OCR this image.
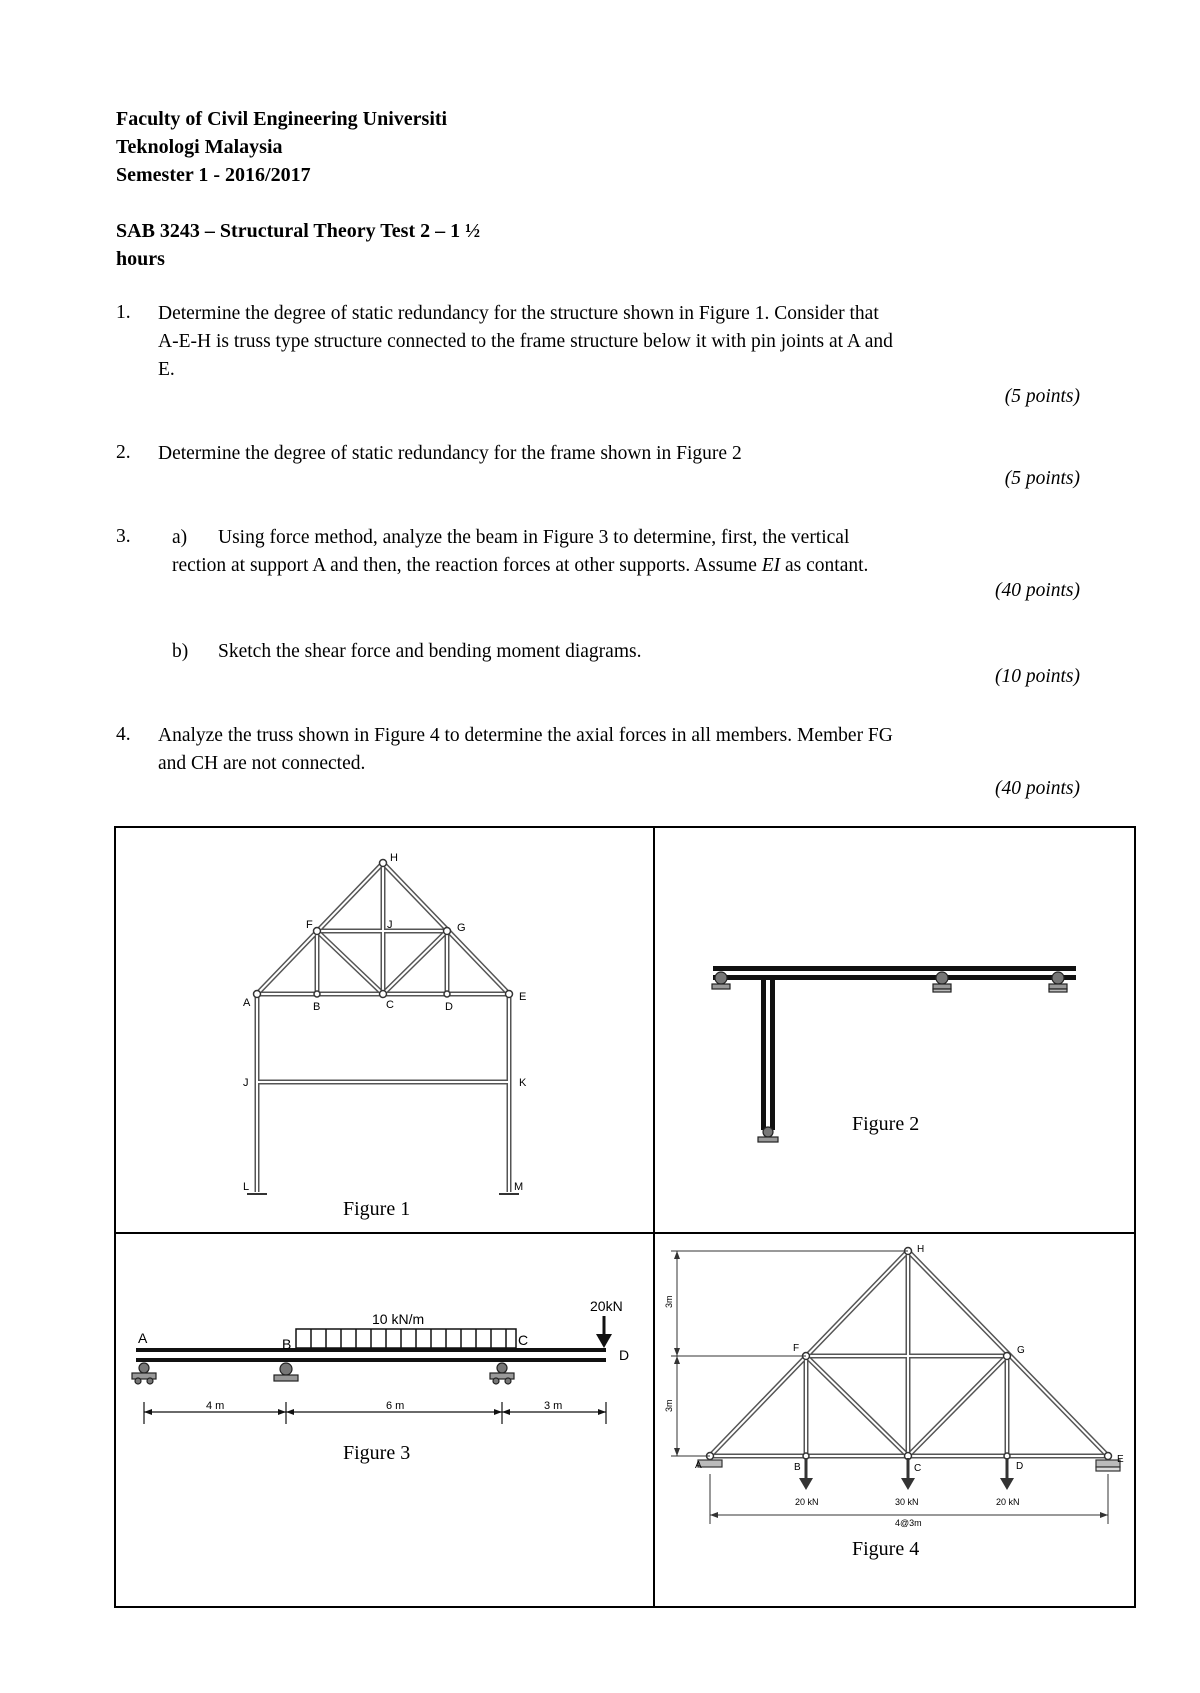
Faculty of Civil Engineering Universiti
Teknologi Malaysia
Semester 1 - 2016/2017
SAB 3243 – Structural Theory Test 2 – 1 ½
hours
1. Determine the degree of static redundancy for the structure shown in Figure 1. Consider that
A-E-H is truss type structure connected to the frame structure below it with pin joints at A and
E.
(5 points)
2. Determine the degree of static redundancy for the frame shown in Figure 2
(5 points)
3. a) Using force method, analyze the beam in Figure 3 to determine, first, the vertical
rection at support A and then, the reaction forces at other supports. Assume EI as contant.
(40 points)
b) Sketch the shear force and bending moment diagrams.
(10 points)
4. Analyze the truss shown in Figure 4 to determine the axial forces in all members. Member FG
and CH are not connected.
(40 points)
H
F	J	G
A	B	C	D
E
J	K
L	M
Figure 1
Figure 2
10 kN/m
20kN
A	B	C
D
4 m	6 m	3 m
Figure 3
H
F	G
A	B	C	D
E
20 kN	30 kN	20 kN
4@3m
3m
3m
Figure 4
